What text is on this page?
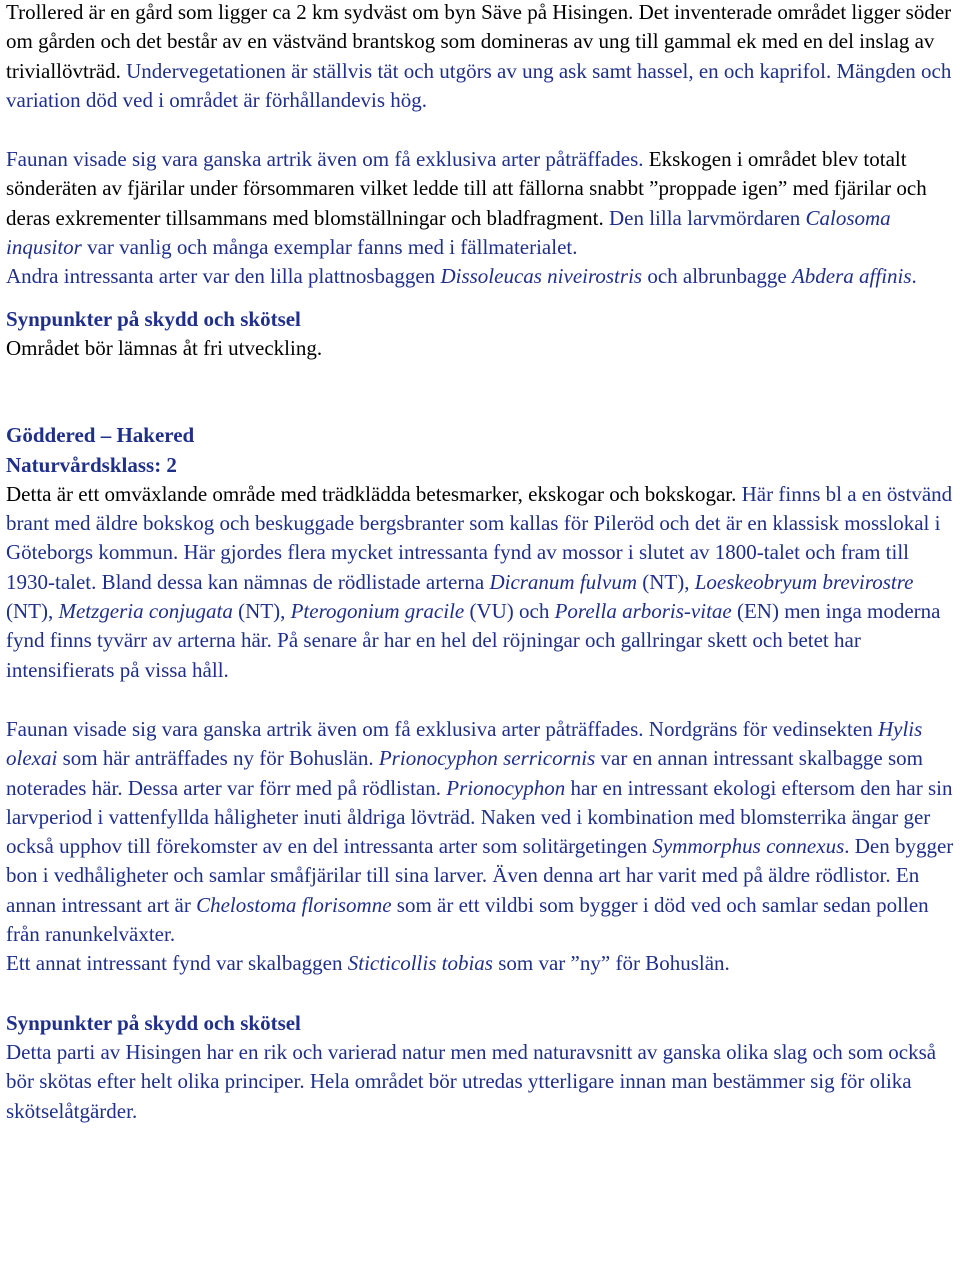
Trollered är en gård som ligger ca 2 km sydväst om byn Säve på Hisingen. Det inventerade området ligger söder om gården och det består av en västvänd brantskog som domineras av ung till gammal ek med en del inslag av triviallövträd. Undervegetationen är ställvis tät och utgörs av ung ask samt hassel, en och kaprifol. Mängden och variation död ved i området är förhållandevis hög.

Faunan visade sig vara ganska artrik även om få exklusiva arter påträffades. Ekskogen i området blev totalt sönderäten av fjärilar under försommaren vilket ledde till att fällorna snabbt ”proppade igen” med fjärilar och deras exkrementer tillsammans med blomställningar och bladfragment. Den lilla larvmördaren Calosoma inqusitor var vanlig och många exemplar fanns med i fällmaterialet.

Andra intressanta arter var den lilla plattnosbaggen Dissoleucas niveirostris och albrunbagge Abdera affinis.

Synpunkter på skydd och skötsel

Området bör lämnas åt fri utveckling.

Göddered – Hakered

Naturvårdsklass: 2

Detta är ett omväxlande område med trädklädda betesmarker, ekskogar och bokskogar. Här finns bl a en östvänd brant med äldre bokskog och beskuggade bergsbranter som kallas för Pileröd och det är en klassisk mosslokal i Göteborgs kommun. Här gjordes flera mycket intressanta fynd av mossor i slutet av 1800-talet och fram till 1930-talet. Bland dessa kan nämnas de rödlistade arterna Dicranum fulvum (NT), Loeskeobryum brevirostre (NT), Metzgeria conjugata (NT), Pterogonium gracile (VU) och Porella arboris-vitae (EN) men inga moderna fynd finns tyvärr av arterna här. På senare år har en hel del röjningar och gallringar skett och betet har intensifierats på vissa håll.

Faunan visade sig vara ganska artrik även om få exklusiva arter påträffades. Nordgräns för vedinsekten Hylis olexai som här anträffades ny för Bohuslän. Prionocyphon serricornis var en annan intressant skalbagge som noterades här. Dessa arter var förr med på rödlistan. Prionocyphon har en intressant ekologi eftersom den har sin larvperiod i vattenfyllda håligheter inuti åldriga lövträd. Naken ved i kombination med blomsterrika ängar ger också upphov till förekomster av en del intressanta arter som solitärgetingen Symmorphus connexus. Den bygger bon i vedhåligheter och samlar småfjärilar till sina larver. Även denna art har varit med på äldre rödlistor. En annan intressant art är Chelostoma florisomne som är ett vildbi som bygger i död ved och samlar sedan pollen från ranunkelväxter.

Ett annat intressant fynd var skalbaggen Sticticollis tobias som var ”ny” för Bohuslän.

Synpunkter på skydd och skötsel

Detta parti av Hisingen har en rik och varierad natur men med naturavsnitt av ganska olika slag och som också bör skötas efter helt olika principer. Hela området bör utredas ytterligare innan man bestämmer sig för olika skötselåtgärder.
